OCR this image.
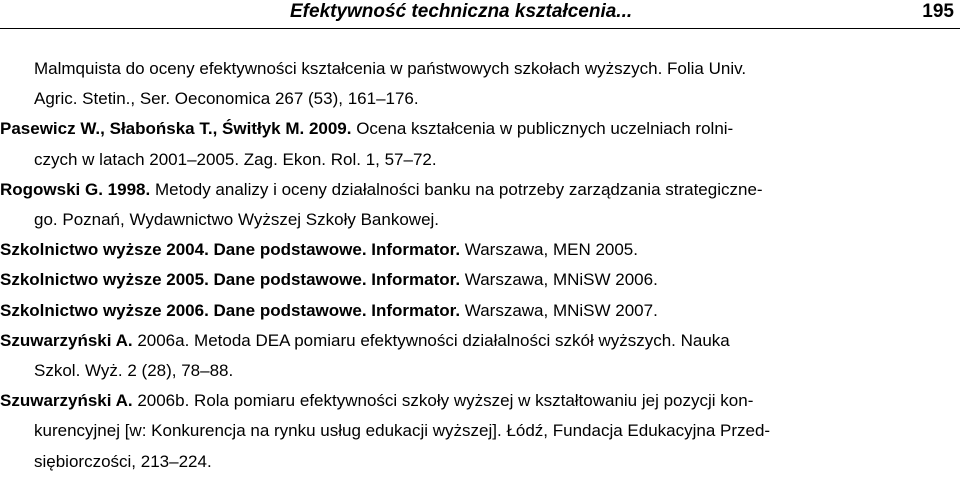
Efektywność techniczna kształcenia...	195
Malmquista do oceny efektywności kształcenia w państwowych szkołach wyższych. Folia Univ.
Agric. Stetin., Ser. Oeconomica 267 (53), 161–176.
Pasewicz W., Słabońska T., Świtłyk M. 2009. Ocena kształcenia w publicznych uczelniach rolni-
czych w latach 2001–2005. Zag. Ekon. Rol. 1, 57–72.
Rogowski G. 1998. Metody analizy i oceny działalności banku na potrzeby zarządzania strategiczne-
go. Poznań, Wydawnictwo Wyższej Szkoły Bankowej.
Szkolnictwo wyższe 2004. Dane podstawowe. Informator. Warszawa, MEN 2005.
Szkolnictwo wyższe 2005. Dane podstawowe. Informator. Warszawa, MNiSW 2006.
Szkolnictwo wyższe 2006. Dane podstawowe. Informator. Warszawa, MNiSW 2007.
Szuwarzyński A. 2006a. Metoda DEA pomiaru efektywności działalności szkół wyższych. Nauka
Szkol. Wyż. 2 (28), 78–88.
Szuwarzyński A. 2006b. Rola pomiaru efektywności szkoły wyższej w kształtowaniu jej pozycji kon-
kurencyjnej [w: Konkurencja na rynku usług edukacji wyższej]. Łódź, Fundacja Edukacyjna Przed-
siębiorczości, 213–224.
